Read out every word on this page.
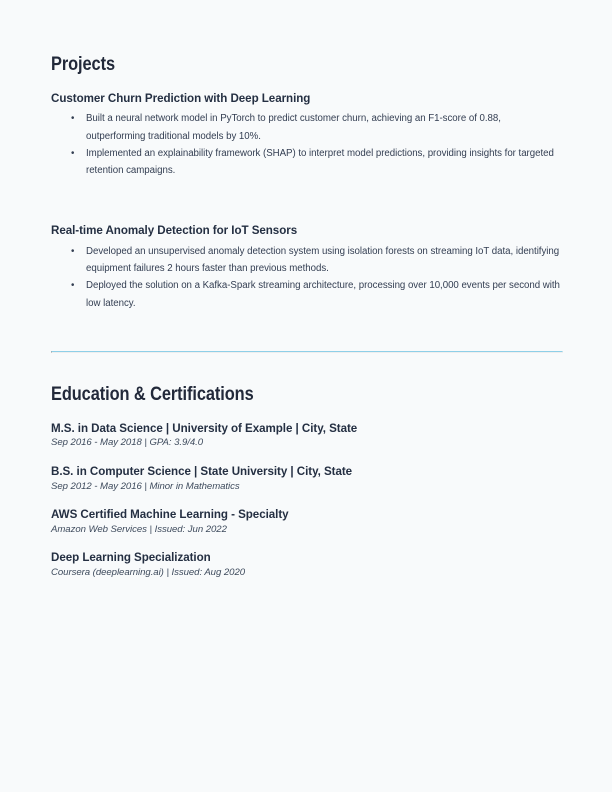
Projects
Customer Churn Prediction with Deep Learning
• Built a neural network model in PyTorch to predict customer churn, achieving an F1-score of 0.88, outperforming traditional models by 10%.
• Implemented an explainability framework (SHAP) to interpret model predictions, providing insights for targeted retention campaigns.
Real-time Anomaly Detection for IoT Sensors
• Developed an unsupervised anomaly detection system using isolation forests on streaming IoT data, identifying equipment failures 2 hours faster than previous methods.
• Deployed the solution on a Kafka-Spark streaming architecture, processing over 10,000 events per second with low latency.
Education & Certifications
M.S. in Data Science | University of Example | City, State
Sep 2016 - May 2018 | GPA: 3.9/4.0
B.S. in Computer Science | State University | City, State
Sep 2012 - May 2016 | Minor in Mathematics
AWS Certified Machine Learning - Specialty
Amazon Web Services | Issued: Jun 2022
Deep Learning Specialization
Coursera (deeplearning.ai) | Issued: Aug 2020
